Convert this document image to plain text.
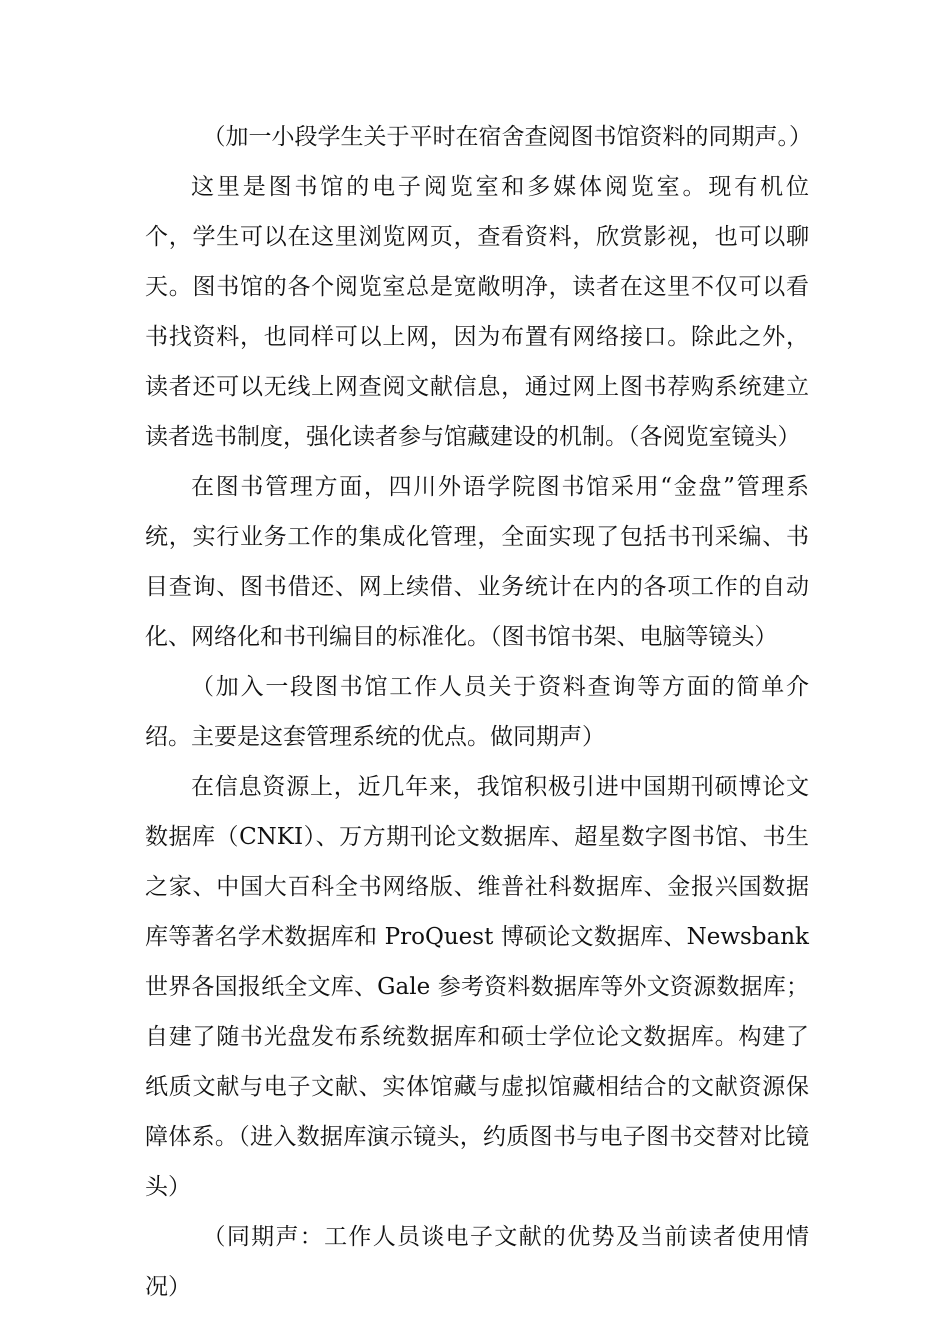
（加一小段学生关于平时在宿舍查阅图书馆资料的同期声。）

这里是图书馆的电子阅览室和多媒体阅览室。现有机位　　个，学生可以在这里浏览网页，查看资料，欣赏影视，也可以聊天。图书馆的各个阅览室总是宽敞明净，读者在这里不仅可以看书找资料，也同样可以上网，因为布置有网络接口。除此之外，读者还可以无线上网查阅文献信息，通过网上图书荐购系统建立读者选书制度，强化读者参与馆藏建设的机制。（各阅览室镜头）

在图书管理方面，四川外语学院图书馆采用“金盘”管理系统，实行业务工作的集成化管理，全面实现了包括书刊采编、书目查询、图书借还、网上续借、业务统计在内的各项工作的自动化、网络化和书刊编目的标准化。（图书馆书架、电脑等镜头）

（加入一段图书馆工作人员关于资料查询等方面的简单介绍。主要是这套管理系统的优点。做同期声）

在信息资源上，近几年来，我馆积极引进中国期刊硕博论文数据库（CNKI）、万方期刊论文数据库、超星数字图书馆、书生之家、中国大百科全书网络版、维普社科数据库、金报兴国数据库等著名学术数据库和 ProQuest 博硕论文数据库、Newsbank 世界各国报纸全文库、Gale 参考资料数据库等外文资源数据库；自建了随书光盘发布系统数据库和硕士学位论文数据库。构建了纸质文献与电子文献、实体馆藏与虚拟馆藏相结合的文献资源保障体系。（进入数据库演示镜头，约质图书与电子图书交替对比镜头）

（同期声：工作人员谈电子文献的优势及当前读者使用情况）
